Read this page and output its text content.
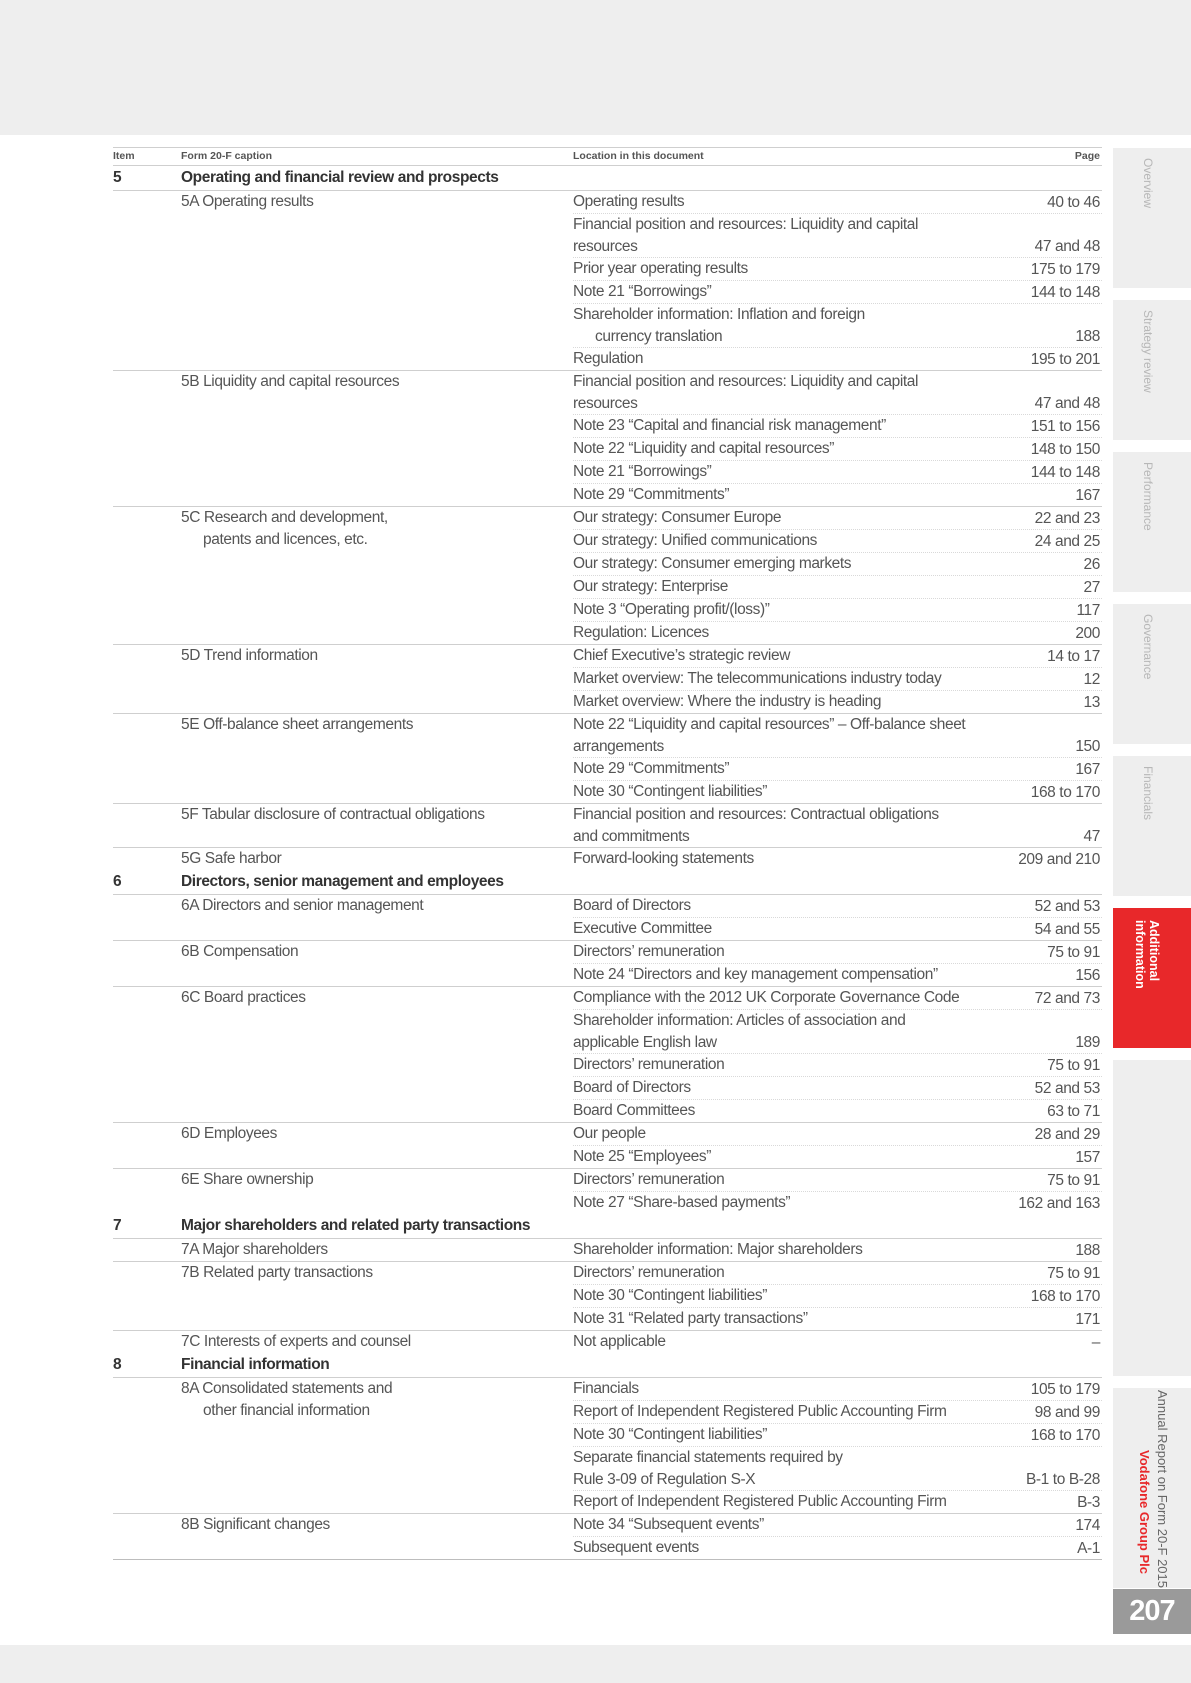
Item	Form 20-F caption	Location in this document	Page
5	Operating and financial review and prospects
5A Operating results	Operating results	40 to 46
Financial position and resources: Liquidity and capital
resources	47 and 48
Prior year operating results	175 to 179
Note 21 “Borrowings”	144 to 148
Shareholder information: Inflation and foreign
currency translation	188
Regulation	195 to 201
5B Liquidity and capital resources	Financial position and resources: Liquidity and capital
resources	47 and 48
Note 23 “Capital and financial risk management”	151 to 156
Note 22 “Liquidity and capital resources”	148 to 150
Note 21 “Borrowings”	144 to 148
Note 29 “Commitments”	167
5C Research and development,
patents and licences, etc.
Our strategy: Consumer Europe	22 and 23
Our strategy: Unified communications	24 and 25
Our strategy: Consumer emerging markets	26
Our strategy: Enterprise	27
Note 3 “Operating profit/(loss)”	117
Regulation: Licences	200
5D Trend information	Chief Executive’s strategic review	14 to 17
Market overview: The telecommunications industry today	12
Market overview: Where the industry is heading	13
5E Off-balance sheet arrangements	Note 22 “Liquidity and capital resources” – Off-balance sheet
arrangements	150
Note 29 “Commitments”	167
Note 30 “Contingent liabilities”	168 to 170
5F Tabular disclosure of contractual obligations	Financial position and resources: Contractual obligations
and commitments	47
5G Safe harbor	Forward-looking statements	209 and 210
6	Directors, senior management and employees
6A Directors and senior management	Board of Directors	52 and 53
Executive Committee	54 and 55
6B Compensation	Directors’ remuneration	75 to 91
Note 24 “Directors and key management compensation”	156
6C Board practices	Compliance with the 2012 UK Corporate Governance Code	72 and 73
Shareholder information: Articles of association and
applicable English law	189
Directors’ remuneration	75 to 91
Board of Directors	52 and 53
Board Committees	63 to 71
6D Employees	Our people	28 and 29
Note 25 “Employees”	157
6E Share ownership	Directors’ remuneration	75 to 91
Note 27 “Share-based payments”	162 and 163
7	Major shareholders and related party transactions
7A Major shareholders	Shareholder information: Major shareholders	188
7B Related party transactions	Directors’ remuneration	75 to 91
Note 30 “Contingent liabilities”	168 to 170
Note 31 “Related party transactions”	171
7C Interests of experts and counsel	Not applicable	–
8	Financial information
8A Consolidated statements and
other financial information
Financials	105 to 179
Report of Independent Registered Public Accounting Firm	98 and 99
Note 30 “Contingent liabilities”	168 to 170
Separate financial statements required by
Rule 3-09 of Regulation S-X	B-1 to B-28
Report of Independent Registered Public Accounting Firm	B-3
8B Significant changes	Note 34 “Subsequent events”	174
Subsequent events	A-1
Overview
Strategy review
Performance
Governance
Financials
Additional information
Vodafone Group Plc Annual Report on Form 20-F 2015
207
